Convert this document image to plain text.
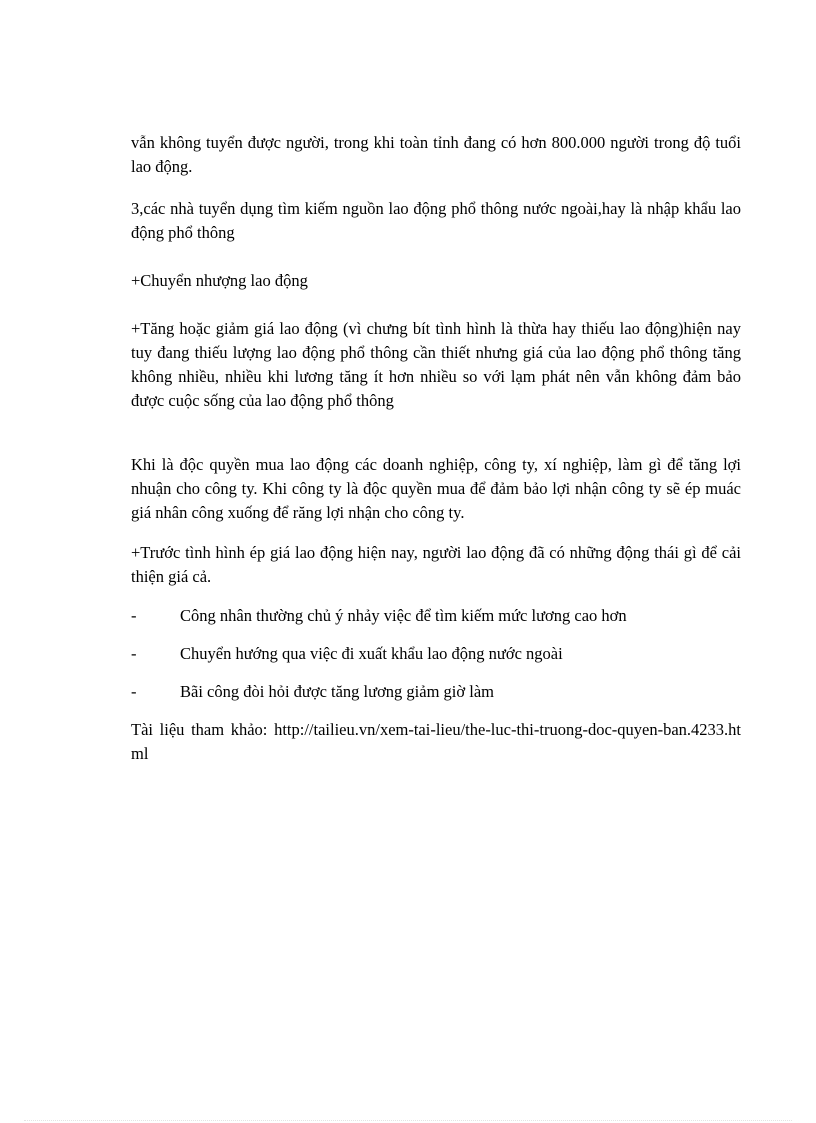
vẫn không tuyển được người, trong khi toàn tỉnh đang có hơn 800.000 người trong độ tuổi lao động.

3,các nhà tuyển dụng tìm kiếm nguồn lao động phổ thông nước ngoài,hay là nhập khẩu lao động phổ thông

+Chuyển nhượng lao động

+Tăng hoặc giảm giá lao động (vì chưng bít tình hình là thừa hay thiếu lao động)hiện nay tuy đang thiếu lượng lao động phổ thông cần thiết nhưng giá của lao động phổ thông tăng không nhiều, nhiều khi lương tăng ít hơn nhiều so với lạm phát nên vẫn không đảm bảo được cuộc sống của lao động phổ thông

Khi là độc quyền mua lao động các doanh nghiệp, công ty, xí nghiệp, làm gì để tăng lợi nhuận cho công ty. Khi công ty là độc quyền mua để đảm bảo lợi nhận công ty sẽ ép muác giá nhân công xuống để răng lợi nhận cho công ty.

+Trước tình hình ép giá lao động hiện nay, người lao động đã có những động thái gì để cải thiện giá cả.

-	Công nhân thường chủ ý nhảy việc để tìm kiếm mức lương cao hơn
-	Chuyển hướng qua việc đi xuất khẩu lao động nước ngoài
-	Bãi công đòi hỏi được tăng lương giảm giờ làm

Tài liệu tham khảo: http://tailieu.vn/xem-tai-lieu/the-luc-thi-truong-doc-quyen-ban.4233.html
